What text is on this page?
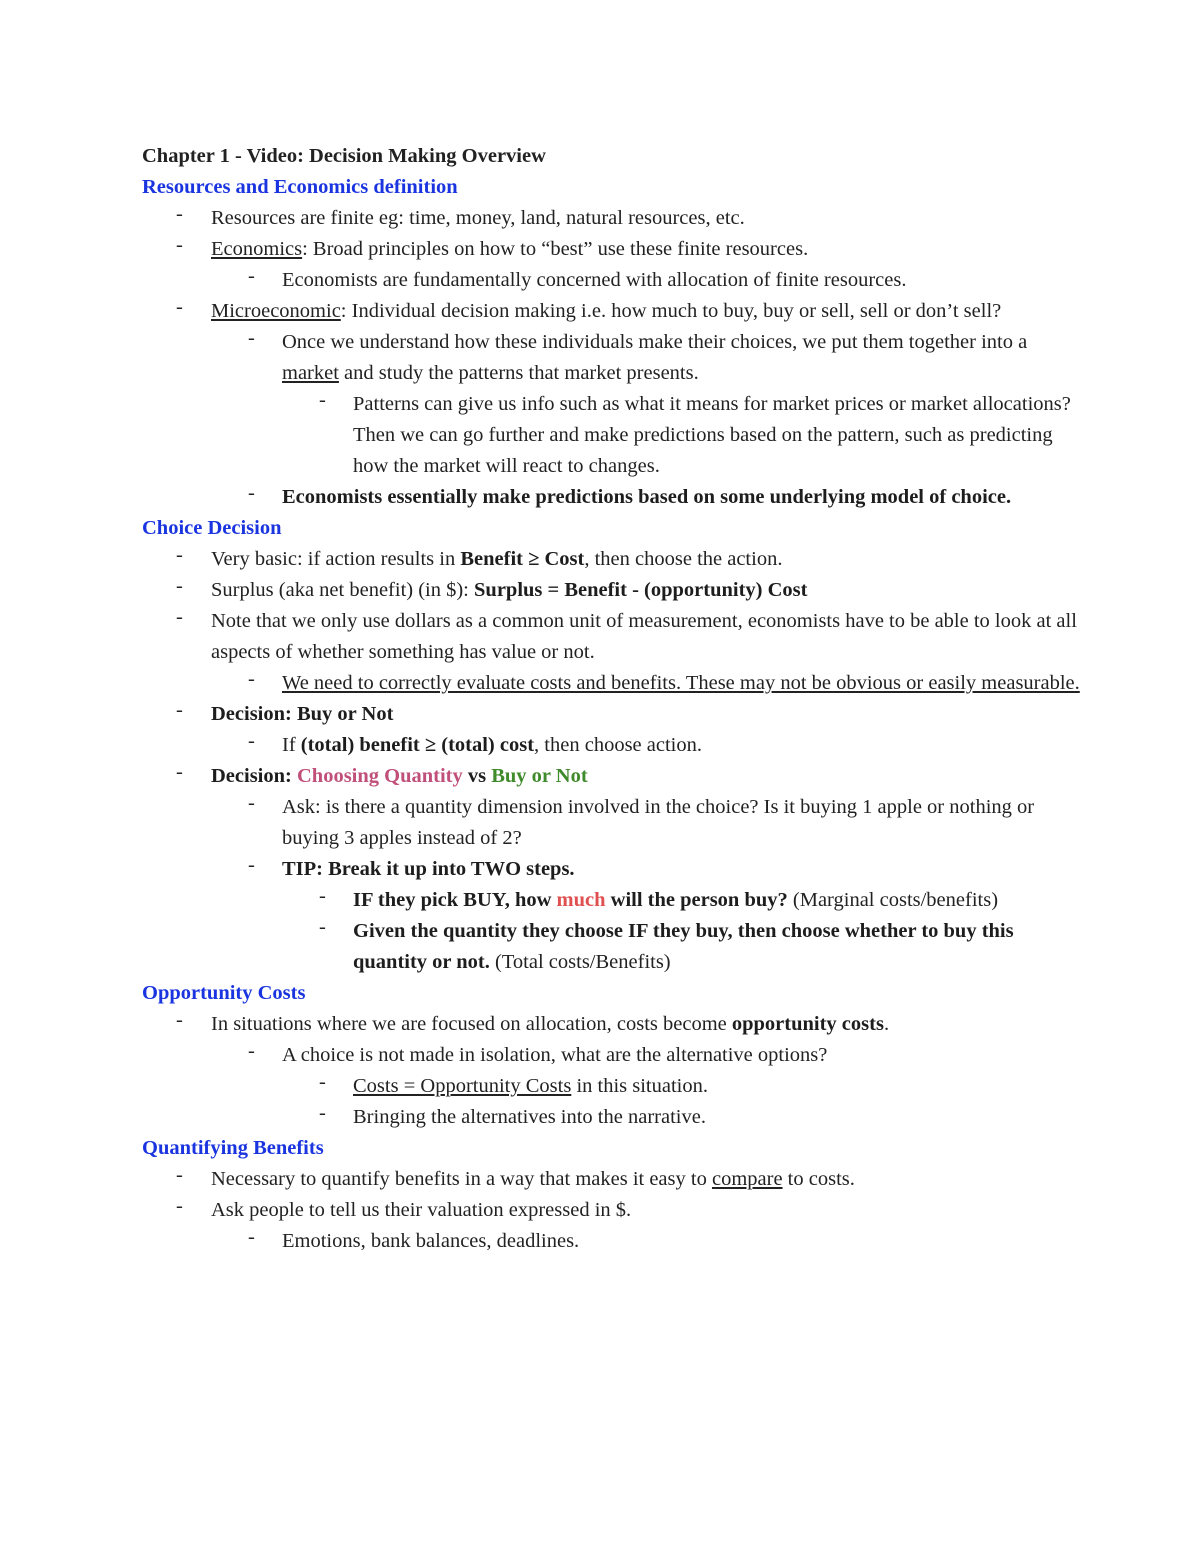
Chapter 1 - Video: Decision Making Overview

Resources and Economics definition

- Resources are finite eg: time, money, land, natural resources, etc.
- Economics: Broad principles on how to “best” use these finite resources.
- Economists are fundamentally concerned with allocation of finite resources.
- Microeconomic: Individual decision making i.e. how much to buy, buy or sell, sell or don’t sell?
- Once we understand how these individuals make their choices, we put them together into a market and study the patterns that market presents.
- Patterns can give us info such as what it means for market prices or market allocations? Then we can go further and make predictions based on the pattern, such as predicting how the market will react to changes.
- Economists essentially make predictions based on some underlying model of choice.

Choice Decision

- Very basic: if action results in Benefit ≥ Cost, then choose the action.
- Surplus (aka net benefit) (in $): Surplus = Benefit - (opportunity) Cost
- Note that we only use dollars as a common unit of measurement, economists have to be able to look at all aspects of whether something has value or not.
- We need to correctly evaluate costs and benefits. These may not be obvious or easily measurable.
- Decision: Buy or Not
- If (total) benefit ≥ (total) cost, then choose action.
- Decision: Choosing Quantity vs Buy or Not
- Ask: is there a quantity dimension involved in the choice? Is it buying 1 apple or nothing or buying 3 apples instead of 2?
- TIP: Break it up into TWO steps.
- IF they pick BUY, how much will the person buy? (Marginal costs/benefits)
- Given the quantity they choose IF they buy, then choose whether to buy this quantity or not. (Total costs/Benefits)

Opportunity Costs

- In situations where we are focused on allocation, costs become opportunity costs.
- A choice is not made in isolation, what are the alternative options?
- Costs = Opportunity Costs in this situation.
- Bringing the alternatives into the narrative.

Quantifying Benefits

- Necessary to quantify benefits in a way that makes it easy to compare to costs.
- Ask people to tell us their valuation expressed in $.
- Emotions, bank balances, deadlines.
